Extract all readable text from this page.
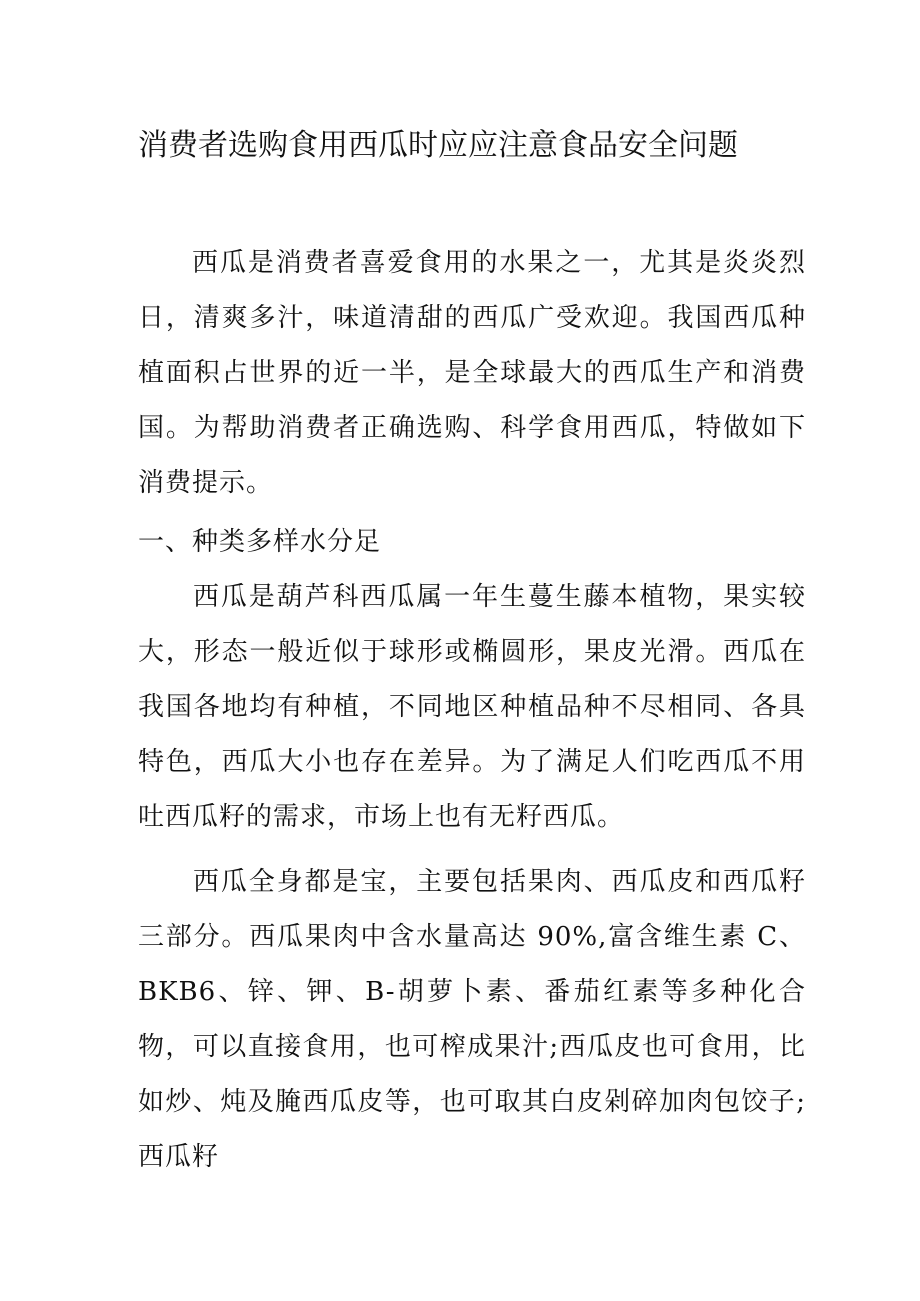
消费者选购食用西瓜时应应注意食品安全问题

西瓜是消费者喜爱食用的水果之一，尤其是炎炎烈日，清爽多汁，味道清甜的西瓜广受欢迎。我国西瓜种植面积占世界的近一半，是全球最大的西瓜生产和消费国。为帮助消费者正确选购、科学食用西瓜，特做如下消费提示。

一、种类多样水分足

西瓜是葫芦科西瓜属一年生蔓生藤本植物，果实较大，形态一般近似于球形或椭圆形，果皮光滑。西瓜在我国各地均有种植，不同地区种植品种不尽相同、各具特色，西瓜大小也存在差异。为了满足人们吃西瓜不用吐西瓜籽的需求，市场上也有无籽西瓜。

西瓜全身都是宝，主要包括果肉、西瓜皮和西瓜籽三部分。西瓜果肉中含水量高达 90%,富含维生素 C、BKB6、锌、钾、B-胡萝卜素、番茄红素等多种化合物，可以直接食用，也可榨成果汁;西瓜皮也可食用，比如炒、炖及腌西瓜皮等，也可取其白皮剁碎加肉包饺子;西瓜籽
